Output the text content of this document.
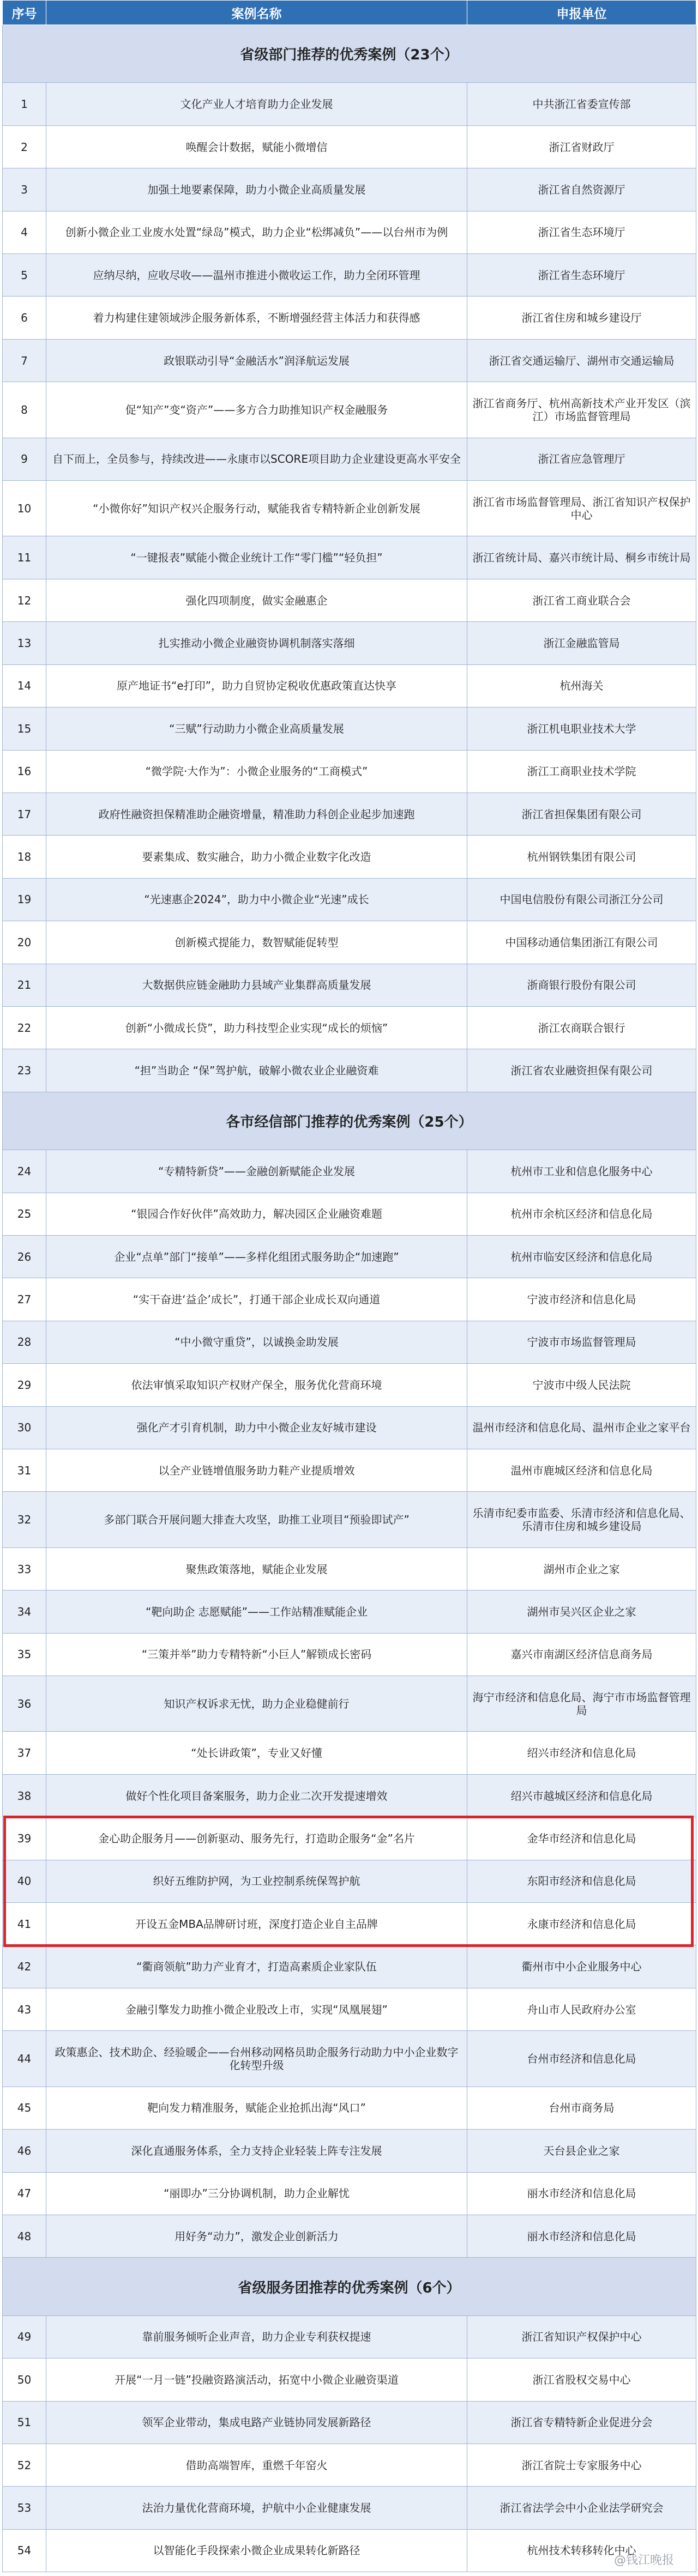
序号	案例名称	申报单位
省级部门推荐的优秀案例（23个）		
1	文化产业人才培育助力企业发展	中共浙江省委宣传部
2	唤醒会计数据，赋能小微增信	浙江省财政厅
3	加强土地要素保障，助力小微企业高质量发展	浙江省自然资源厅
4	创新小微企业工业废水处置“绿岛”模式，助力企业“松绑减负”——以台州市为例	浙江省生态环境厅
5	应纳尽纳，应收尽收——温州市推进小微收运工作，助力全闭环管理	浙江省生态环境厅
6	着力构建住建领域涉企服务新体系，不断增强经营主体活力和获得感	浙江省住房和城乡建设厅
7	政银联动引导“金融活水”润泽航运发展	浙江省交通运输厅、湖州市交通运输局
8	促“知产”变“资产”——多方合力助推知识产权金融服务	浙江省商务厅、杭州高新技术产业开发区（滨江）市场监督管理局
9	自下而上，全员参与，持续改进——永康市以SCORE项目助力企业建设更高水平安全	浙江省应急管理厅
10	“小微你好”知识产权兴企服务行动，赋能我省专精特新企业创新发展	浙江省市场监督管理局、浙江省知识产权保护中心
11	“一键报表”赋能小微企业统计工作“零门槛”“轻负担”	浙江省统计局、嘉兴市统计局、桐乡市统计局
12	强化四项制度，做实金融惠企	浙江省工商业联合会
13	扎实推动小微企业融资协调机制落实落细	浙江金融监管局
14	原产地证书“e打印”，助力自贸协定税收优惠政策直达快享	杭州海关
15	“三赋”行动助力小微企业高质量发展	浙江机电职业技术大学
16	“微学院·大作为”：小微企业服务的“工商模式”	浙江工商职业技术学院
17	政府性融资担保精准助企融资增量，精准助力科创企业起步加速跑	浙江省担保集团有限公司
18	要素集成、数实融合，助力小微企业数字化改造	杭州钢铁集团有限公司
19	“光速惠企2024”，助力中小微企业“光速”成长	中国电信股份有限公司浙江分公司
20	创新模式提能力，数智赋能促转型	中国移动通信集团浙江有限公司
21	大数据供应链金融助力县域产业集群高质量发展	浙商银行股份有限公司
22	创新“小微成长贷”，助力科技型企业实现“成长的烦恼”	浙江农商联合银行
23	“担”当助企 “保”驾护航，破解小微农业企业融资难	浙江省农业融资担保有限公司
各市经信部门推荐的优秀案例（25个）		
24	“专精特新贷”——金融创新赋能企业发展	杭州市工业和信息化服务中心
25	“银园合作好伙伴”高效助力，解决园区企业融资难题	杭州市余杭区经济和信息化局
26	企业“点单”部门“接单”——多样化组团式服务助企“加速跑”	杭州市临安区经济和信息化局
27	“实干奋进‘益企’成长”，打通干部企业成长双向通道	宁波市经济和信息化局
28	“中小微守重贷”，以诚换金助发展	宁波市市场监督管理局
29	依法审慎采取知识产权财产保全，服务优化营商环境	宁波市中级人民法院
30	强化产才引育机制，助力中小微企业友好城市建设	温州市经济和信息化局、温州市企业之家平台
31	以全产业链增值服务助力鞋产业提质增效	温州市鹿城区经济和信息化局
32	多部门联合开展问题大排查大攻坚，助推工业项目“预验即试产”	乐清市纪委市监委、乐清市经济和信息化局、乐清市住房和城乡建设局
33	聚焦政策落地，赋能企业发展	湖州市企业之家
34	“靶向助企 志愿赋能”——工作站精准赋能企业	湖州市吴兴区企业之家
35	“三策并举”助力专精特新“小巨人”解锁成长密码	嘉兴市南湖区经济信息商务局
36	知识产权诉求无忧，助力企业稳健前行	海宁市经济和信息化局、海宁市市场监督管理局
37	“处长讲政策”，专业又好懂	绍兴市经济和信息化局
38	做好个性化项目备案服务，助力企业二次开发提速增效	绍兴市越城区经济和信息化局
39	金心助企服务月——创新驱动、服务先行，打造助企服务“金”名片	金华市经济和信息化局
40	织好五维防护网，为工业控制系统保驾护航	东阳市经济和信息化局
41	开设五金MBA品牌研讨班，深度打造企业自主品牌	永康市经济和信息化局
42	“衢商领航”助力产业育才，打造高素质企业家队伍	衢州市中小企业服务中心
43	金融引擎发力助推小微企业股改上市，实现“凤凰展翅”	舟山市人民政府办公室
44	政策惠企、技术助企、经验暖企——台州移动网格员助企服务行动助力中小企业数字化转型升级	台州市经济和信息化局
45	靶向发力精准服务，赋能企业抢抓出海“风口”	台州市商务局
46	深化直通服务体系，全力支持企业轻装上阵专注发展	天台县企业之家
47	“丽即办”三分协调机制，助力企业解忧	丽水市经济和信息化局
48	用好务“动力”，激发企业创新活力	丽水市经济和信息化局
省级服务团推荐的优秀案例（6个）		
49	靠前服务倾听企业声音，助力企业专利获权提速	浙江省知识产权保护中心
50	开展“一月一链”投融资路演活动，拓宽中小微企业融资渠道	浙江省股权交易中心
51	领军企业带动，集成电路产业链协同发展新路径	浙江省专精特新企业促进分会
52	借助高端智库，重燃千年窑火	浙江省院士专家服务中心
53	法治力量优化营商环境，护航中小企业健康发展	浙江省法学会中小企业法学研究会
54	以智能化手段探索小微企业成果转化新路径	杭州技术转移转化中心
@钱江晚报
